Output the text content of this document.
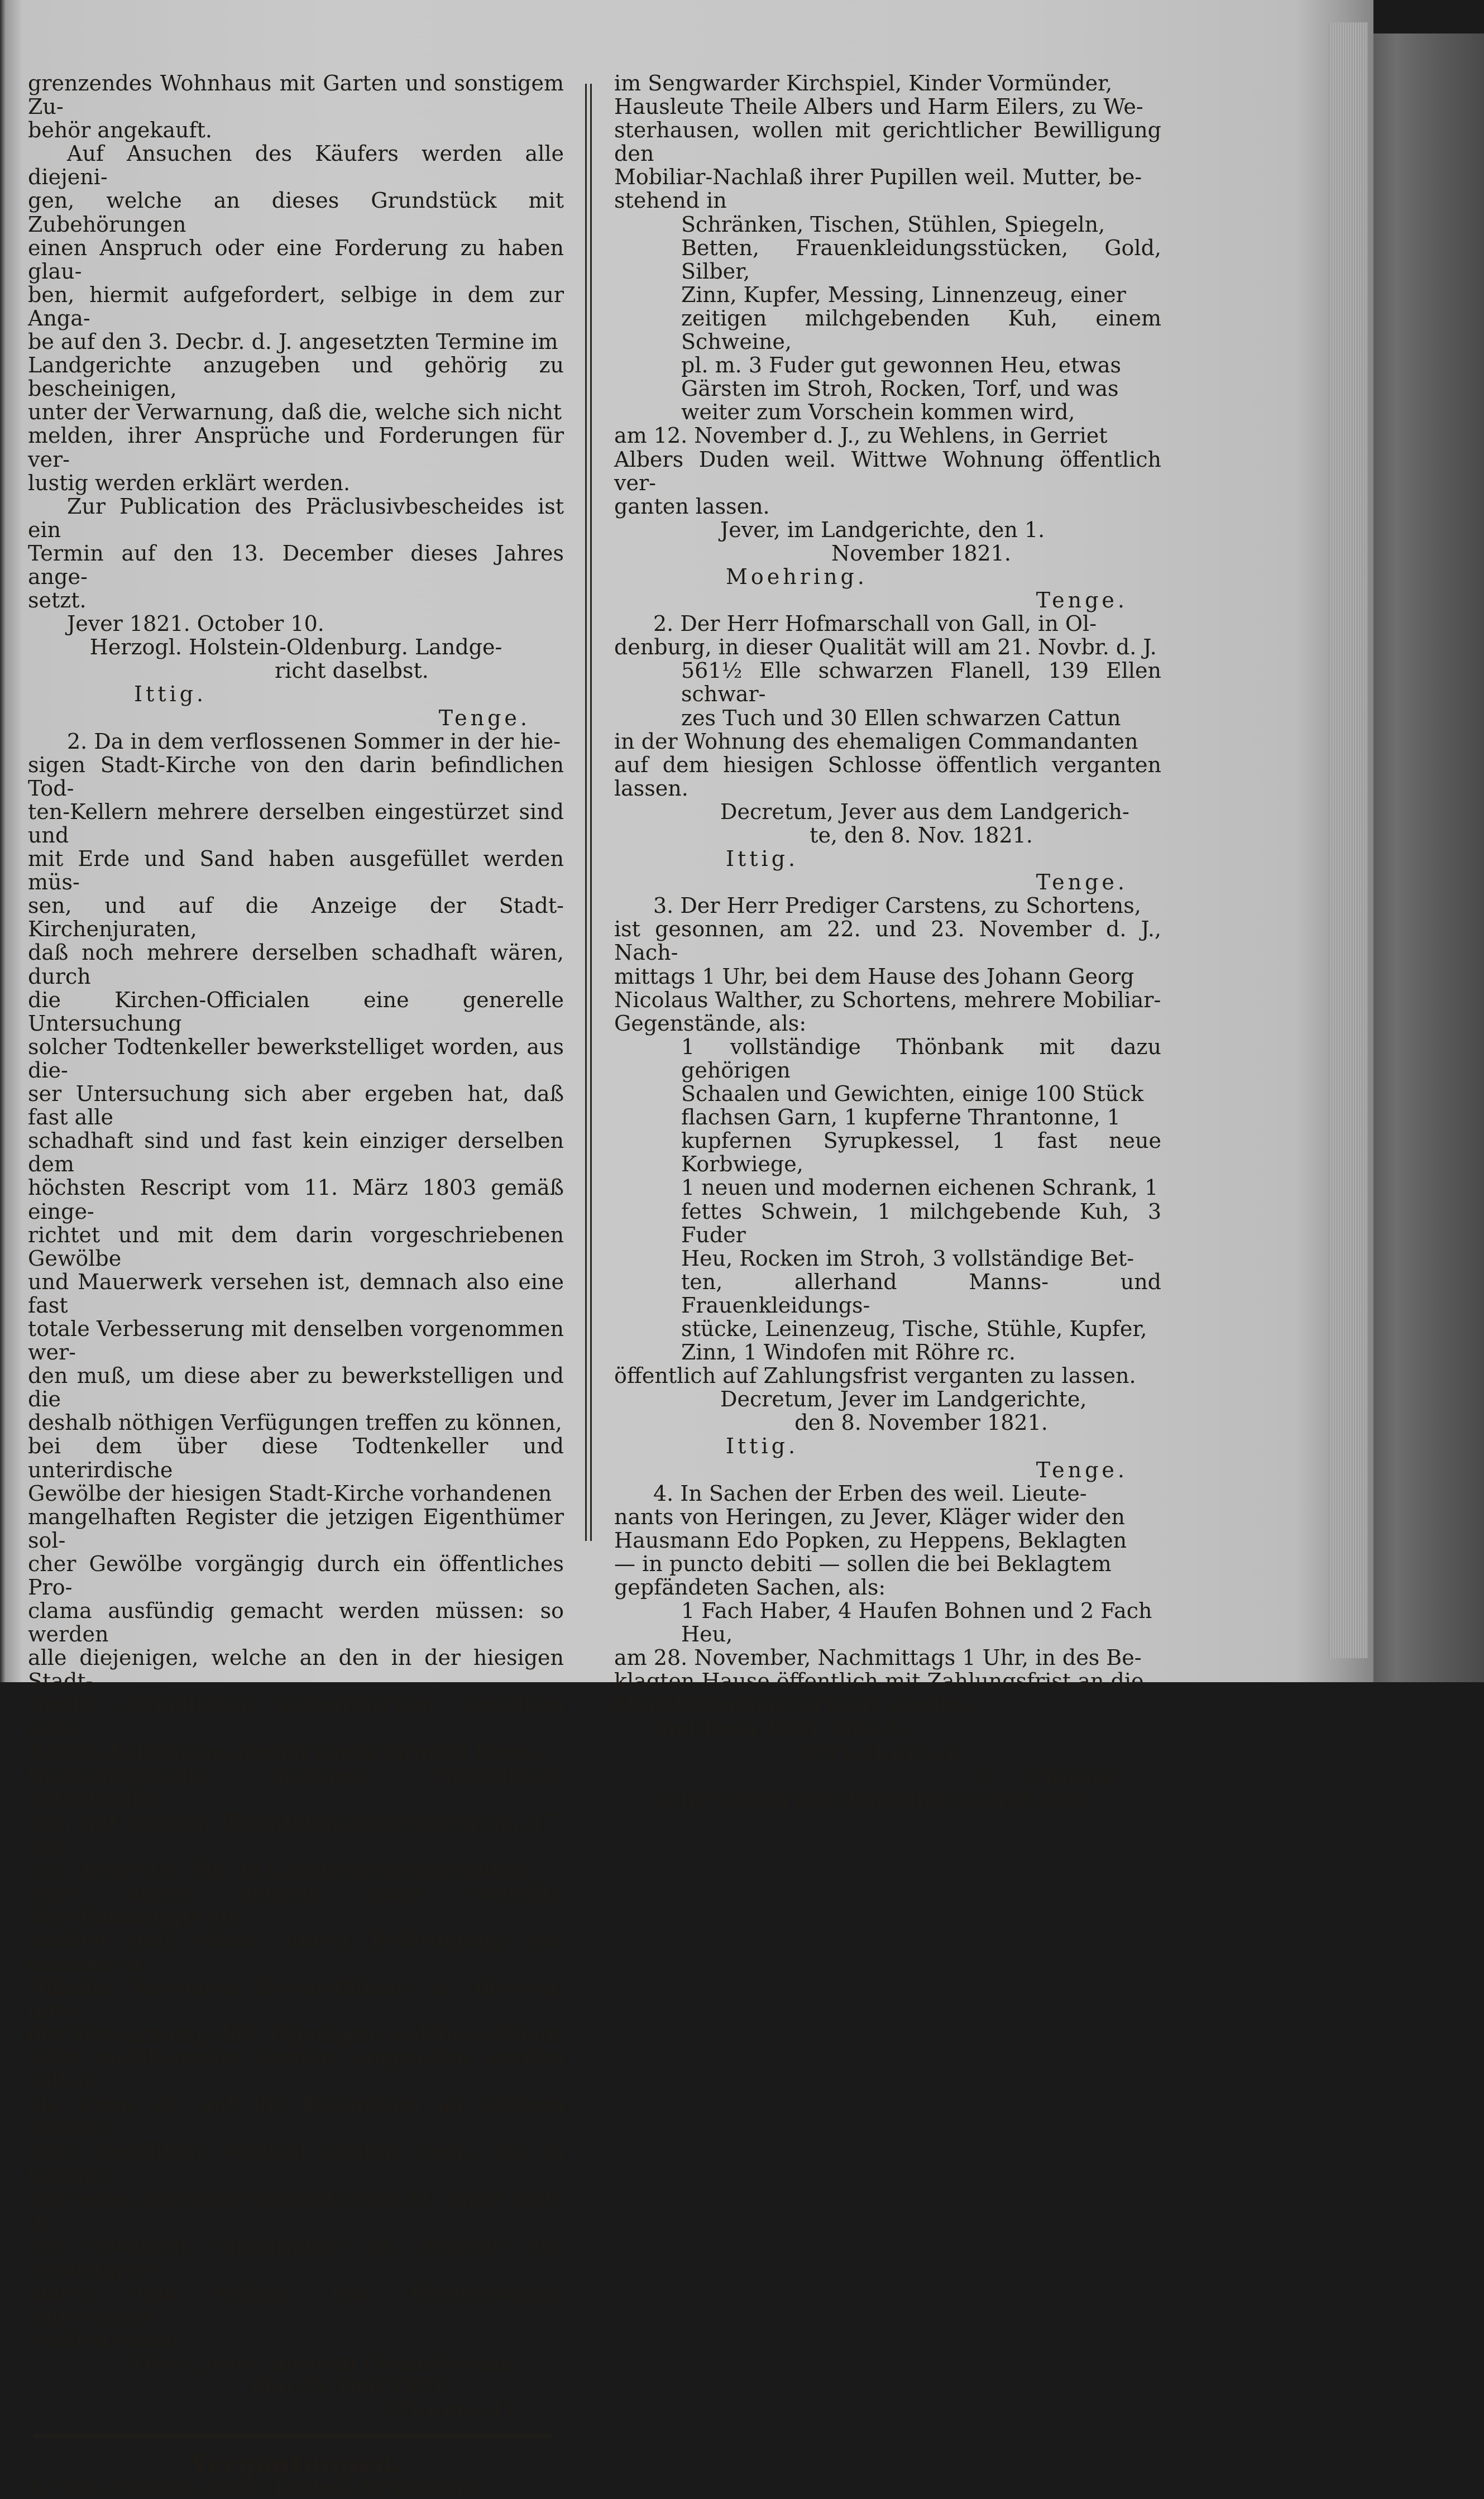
grenzendes Wohnhaus mit Garten und sonstigem Zu-

behör angekauft.

Auf Ansuchen des Käufers werden alle diejeni-

gen, welche an dieses Grundstück mit Zubehörungen

einen Anspruch oder eine Forderung zu haben glau-

ben, hiermit aufgefordert, selbige in dem zur Anga-

be auf den 3. Decbr. d. J. angesetzten Termine im

Landgerichte anzugeben und gehörig zu bescheinigen,

unter der Verwarnung, daß die, welche sich nicht

melden, ihrer Ansprüche und Forderungen für ver-

lustig werden erklärt werden.

Zur Publication des Präclusivbescheides ist ein

Termin auf den 13. December dieses Jahres ange-

setzt.

Jever 1821. October 10.

Herzogl. Holstein-Oldenburg. Landge-

richt daselbst.

Ittig.

Tenge.

2. Da in dem verflossenen Sommer in der hie-

sigen Stadt-Kirche von den darin befindlichen Tod-

ten-Kellern mehrere derselben eingestürzet sind und

mit Erde und Sand haben ausgefüllet werden müs-

sen, und auf die Anzeige der Stadt-Kirchenjuraten,

daß noch mehrere derselben schadhaft wären, durch

die Kirchen-Officialen eine generelle Untersuchung

solcher Todtenkeller bewerkstelliget worden, aus die-

ser Untersuchung sich aber ergeben hat, daß fast alle

schadhaft sind und fast kein einziger derselben dem

höchsten Rescript vom 11. März 1803 gemäß einge-

richtet und mit dem darin vorgeschriebenen Gewölbe

und Mauerwerk versehen ist, demnach also eine fast

totale Verbesserung mit denselben vorgenommen wer-

den muß, um diese aber zu bewerkstelligen und die

deshalb nöthigen Verfügungen treffen zu können,

bei dem über diese Todtenkeller und unterirdische

Gewölbe der hiesigen Stadt-Kirche vorhandenen

mangelhaften Register die jetzigen Eigenthümer sol-

cher Gewölbe vorgängig durch ein öffentliches Pro-

clama ausfündig gemacht werden müssen: so werden

alle diejenigen, welche an den in der hiesigen Stadt-

Kirche befindlichen unterirdischen Gewölben oder

Todten-Kellern aus irgend einem Grunde Eigen-

thumsansprüche machen, hiermittelst aufgefordert,

sich mit solchen Eigenthumsansprüchen am 17. Dec.

d. J., frühe 10 Uhr, im Consistorium persönlich

oder durch gehörig dazu bestellte Bevollmächtigte zu

melden und solche durch Beibringung der darüber in

Händen habenden Beweisthümer zu dociren, unter

der Verwarnung, daß diejenigen, welche solchem

nicht nachkommen werden, angesehen werden sollen,

als wenn sie auf ihr Eigenthum an solchen Kellern

oder Gewölben Verzicht leisten, resp. sie in Gemäß-

heit jenes höchsten Rescripts vom 11. März 1803 ih-

res etwaigen Eigenthums an solchen für verlustig er-

kläret, und selbige von Kirchenwegen zugeworfen

werden sollen.

Decr., Jever aus dem Consistorium,

den 25. Oct. 1821.

Chemnitz.

Vergantungen.

1. Weil. Gerriet Albers Duden, zu Wehlens

im Sengwarder Kirchspiel, Kinder Vormünder,

Hausleute Theile Albers und Harm Eilers, zu We-

sterhausen, wollen mit gerichtlicher Bewilligung den

Mobiliar-Nachlaß ihrer Pupillen weil. Mutter, be-

stehend in

Schränken, Tischen, Stühlen, Spiegeln,

Betten, Frauenkleidungsstücken, Gold, Silber,

Zinn, Kupfer, Messing, Linnenzeug, einer

zeitigen milchgebenden Kuh, einem Schweine,

pl. m. 3 Fuder gut gewonnen Heu, etwas

Gärsten im Stroh, Rocken, Torf, und was

weiter zum Vorschein kommen wird,

am 12. November d. J., zu Wehlens, in Gerriet

Albers Duden weil. Wittwe Wohnung öffentlich ver-

ganten lassen.

Jever, im Landgerichte, den 1.

November 1821.

Moehring.

Tenge.

2. Der Herr Hofmarschall von Gall, in Ol-

denburg, in dieser Qualität will am 21. Novbr. d. J.

561½ Elle schwarzen Flanell, 139 Ellen schwar-

zes Tuch und 30 Ellen schwarzen Cattun

in der Wohnung des ehemaligen Commandanten

auf dem hiesigen Schlosse öffentlich verganten lassen.

Decretum, Jever aus dem Landgerich-

te, den 8. Nov. 1821.

Ittig.

Tenge.

3. Der Herr Prediger Carstens, zu Schortens,

ist gesonnen, am 22. und 23. November d. J., Nach-

mittags 1 Uhr, bei dem Hause des Johann Georg

Nicolaus Walther, zu Schortens, mehrere Mobiliar-

Gegenstände, als:

1 vollständige Thönbank mit dazu gehörigen

Schaalen und Gewichten, einige 100 Stück

flachsen Garn, 1 kupferne Thrantonne, 1

kupfernen Syrupkessel, 1 fast neue Korbwiege,

1 neuen und modernen eichenen Schrank, 1

fettes Schwein, 1 milchgebende Kuh, 3 Fuder

Heu, Rocken im Stroh, 3 vollständige Bet-

ten, allerhand Manns- und Frauenkleidungs-

stücke, Leinenzeug, Tische, Stühle, Kupfer,

Zinn, 1 Windofen mit Röhre rc.

öffentlich auf Zahlungsfrist verganten zu lassen.

Decretum, Jever im Landgerichte,

den 8. November 1821.

Ittig.

Tenge.

4. In Sachen der Erben des weil. Lieute-

nants von Heringen, zu Jever, Kläger wider den

Hausmann Edo Popken, zu Heppens, Beklagten

— in puncto debiti — sollen die bei Beklagtem

gepfändeten Sachen, als:

1 Fach Haber, 4 Haufen Bohnen und 2 Fach

Heu,

am 28. November, Nachmittags 1 Uhr, in des Be-

klagten Hause öffentlich mit Zahlungsfrist an die

Meistbietenden verkauft werden.

Amt Jever 1821. Nov. 8.

Strackerjan.

v. Trampe.

5. In Sachen der Handlung Laun et Gün-
